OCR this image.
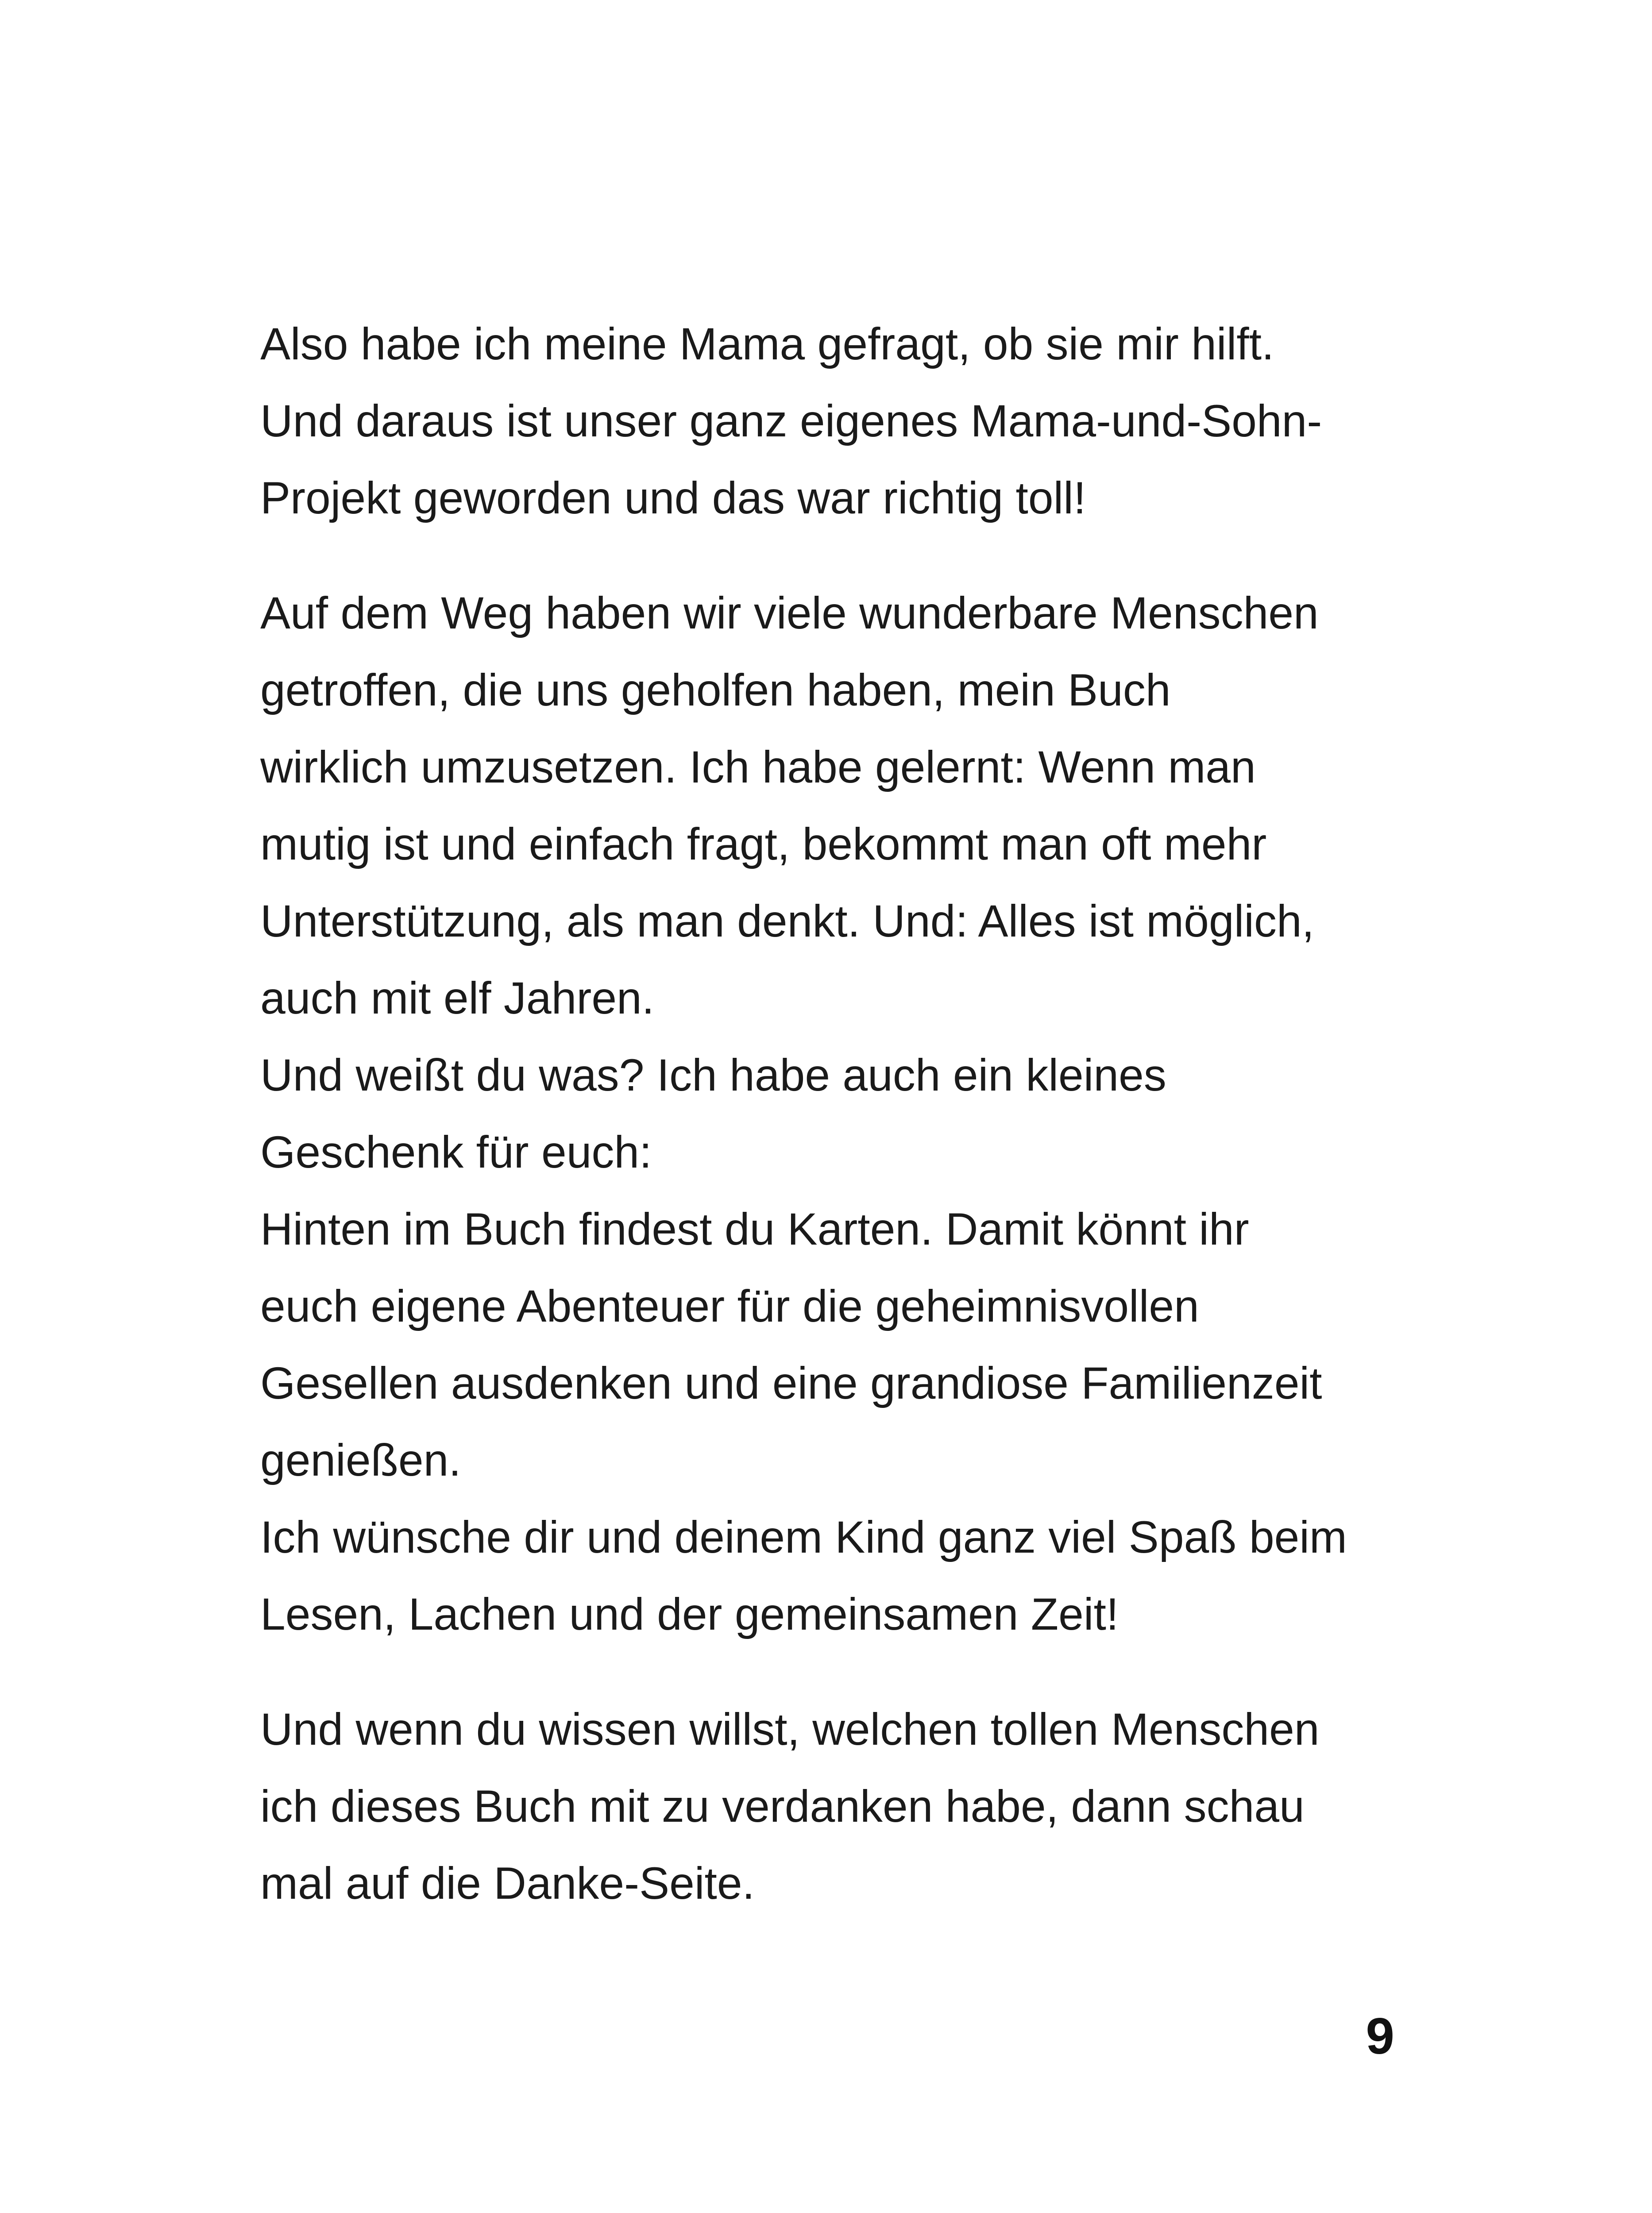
Also habe ich meine Mama gefragt, ob sie mir hilft.
Und daraus ist unser ganz eigenes Mama-und-Sohn-
Projekt geworden und das war richtig toll!
Auf dem Weg haben wir viele wunderbare Menschen
getroffen, die uns geholfen haben, mein Buch
wirklich umzusetzen. Ich habe gelernt: Wenn man
mutig ist und einfach fragt, bekommt man oft mehr
Unterstützung, als man denkt. Und: Alles ist möglich,
auch mit elf Jahren.
Und weißt du was? Ich habe auch ein kleines
Geschenk für euch:
Hinten im Buch findest du Karten. Damit könnt ihr
euch eigene Abenteuer für die geheimnisvollen
Gesellen ausdenken und eine grandiose Familienzeit
genießen.
Ich wünsche dir und deinem Kind ganz viel Spaß beim
Lesen, Lachen und der gemeinsamen Zeit!
Und wenn du wissen willst, welchen tollen Menschen
ich dieses Buch mit zu verdanken habe, dann schau
mal auf die Danke-Seite.
9
